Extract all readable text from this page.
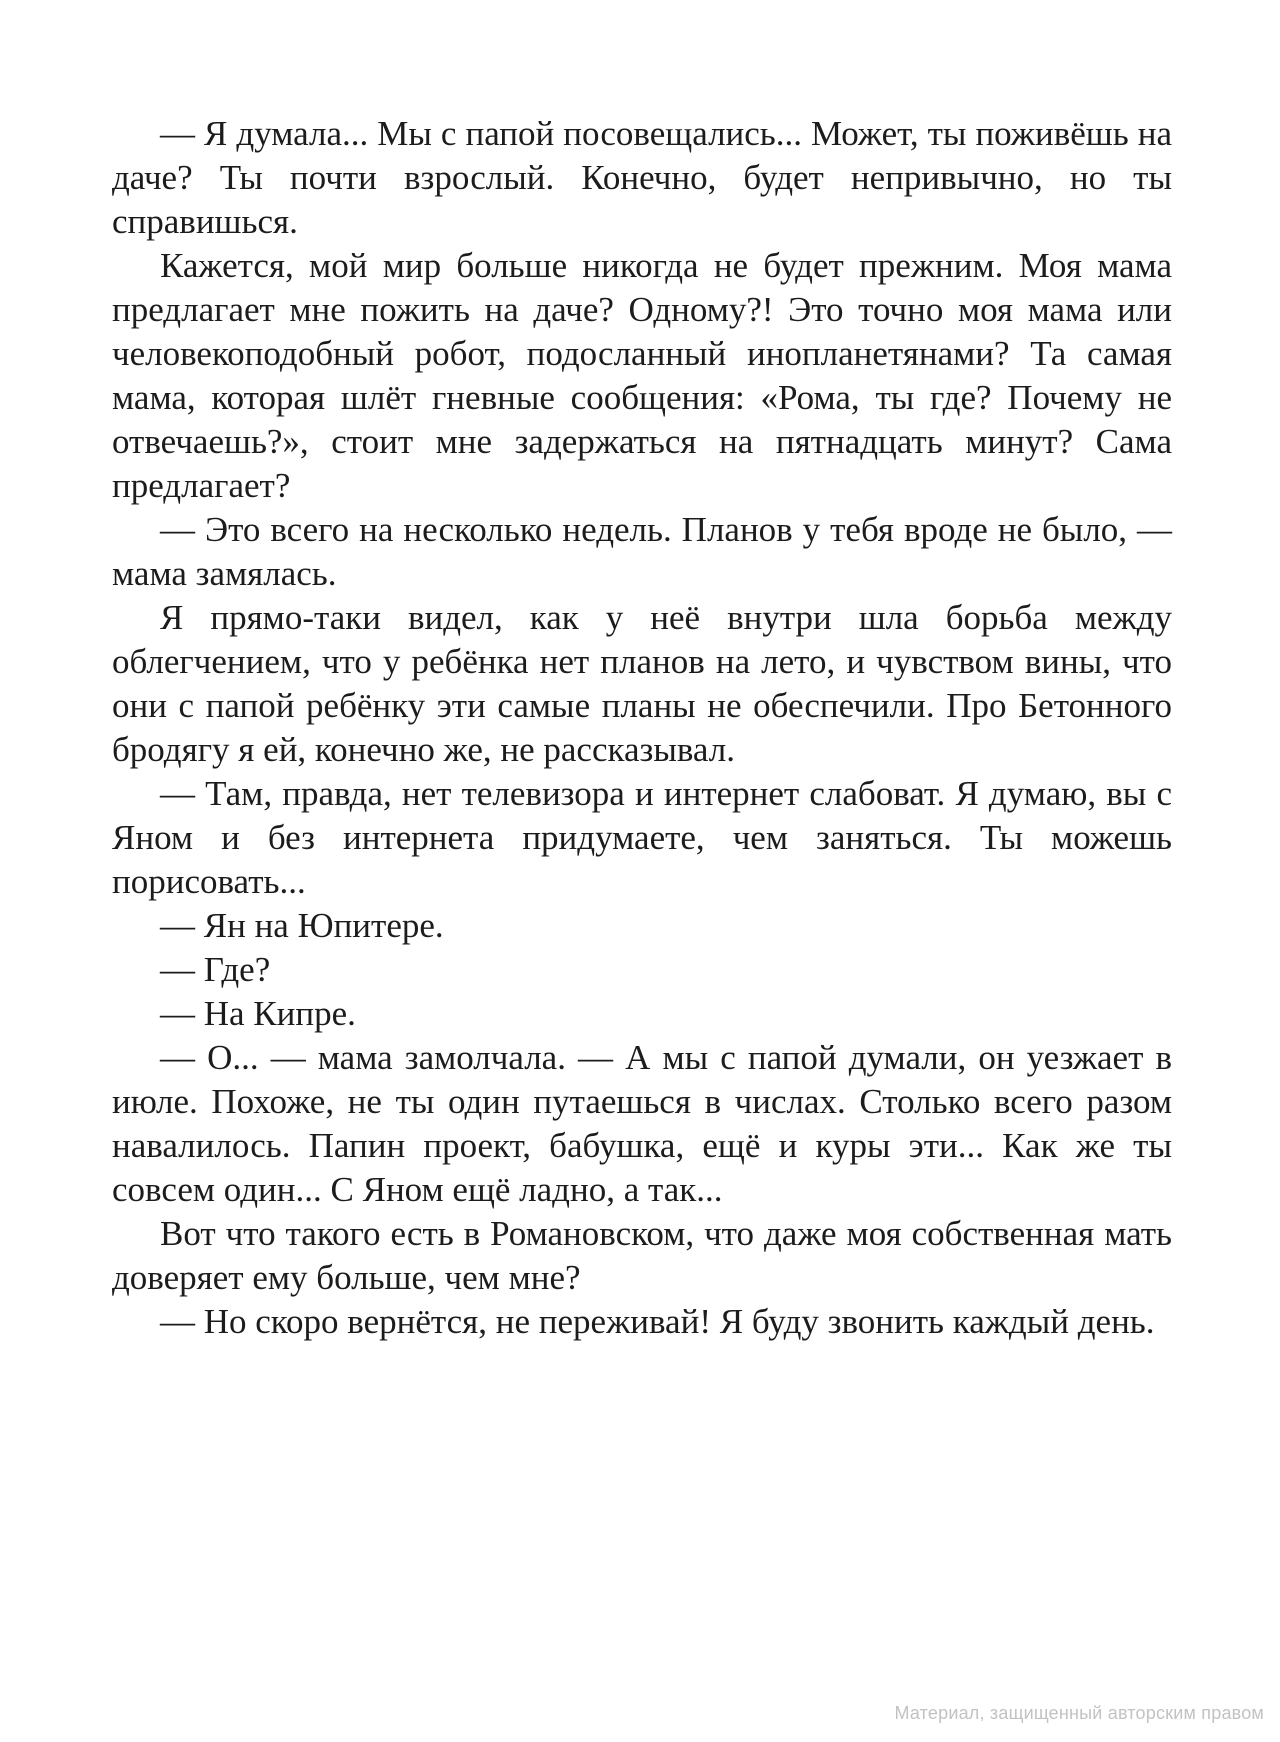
— Я думала... Мы с папой посовещались... Может, ты поживёшь на даче? Ты почти взрослый. Конечно, будет непривычно, но ты справишься.

Кажется, мой мир больше никогда не будет прежним. Моя мама предлагает мне пожить на даче? Одному?! Это точно моя мама или человекоподобный робот, подосланный инопланетянами? Та самая мама, которая шлёт гневные сообщения: «Рома, ты где? Почему не отвечаешь?», стоит мне задержаться на пятнадцать минут? Сама предлагает?

— Это всего на несколько недель. Планов у тебя вроде не было, — мама замялась.

Я прямо-таки видел, как у неё внутри шла борьба между облегчением, что у ребёнка нет планов на лето, и чувством вины, что они с папой ребёнку эти самые планы не обеспечили. Про Бетонного бродягу я ей, конечно же, не рассказывал.

— Там, правда, нет телевизора и интернет слабоват. Я думаю, вы с Яном и без интернета придумаете, чем заняться. Ты можешь порисовать...

— Ян на Юпитере.

— Где?

— На Кипре.

— О... — мама замолчала. — А мы с папой думали, он уезжает в июле. Похоже, не ты один путаешься в числах. Столько всего разом навалилось. Папин проект, бабушка, ещё и куры эти... Как же ты совсем один... С Яном ещё ладно, а так...

Вот что такого есть в Романовском, что даже моя собственная мать доверяет ему больше, чем мне?

— Но скоро вернётся, не переживай! Я буду звонить каждый день.

Материал, защищенный авторским правом
